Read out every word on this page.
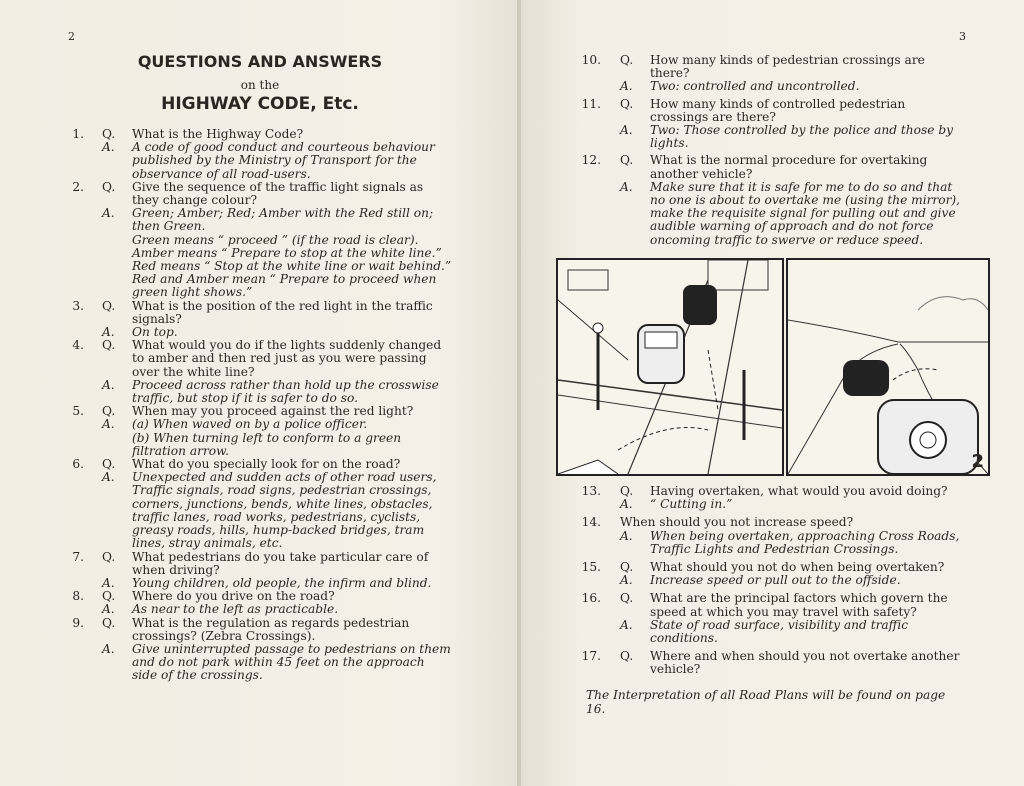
2
QUESTIONS AND ANSWERS
on the
HIGHWAY CODE, Etc.
1. Q. What is the Highway Code?
A. A code of good conduct and courteous behaviour published by the Ministry of Transport for the observance of all road-users.
2. Q. Give the sequence of the traffic light signals as they change colour?
A. Green; Amber; Red; Amber with the Red still on; then Green.
Green means “ proceed ” (if the road is clear).
Amber means “ Prepare to stop at the white line.”
Red means “ Stop at the white line or wait behind.”
Red and Amber mean “ Prepare to proceed when green light shows.”
3. Q. What is the position of the red light in the traffic signals?
A. On top.
4. Q. What would you do if the lights suddenly changed to amber and then red just as you were passing over the white line?
A. Proceed across rather than hold up the crosswise traffic, but stop if it is safer to do so.
5. Q. When may you proceed against the red light?
A. (a) When waved on by a police officer.
(b) When turning left to conform to a green filtration arrow.
6. Q. What do you specially look for on the road?
A. Unexpected and sudden acts of other road users, Traffic signals, road signs, pedestrian crossings, corners, junctions, bends, white lines, obstacles, traffic lanes, road works, pedestrians, cyclists, greasy roads, hills, hump-backed bridges, tram lines, stray animals, etc.
7. Q. What pedestrians do you take particular care of when driving?
A. Young children, old people, the infirm and blind.
8. Q. Where do you drive on the road?
A. As near to the left as practicable.
9. Q. What is the regulation as regards pedestrian crossings? (Zebra Crossings).
A. Give uninterrupted passage to pedestrians on them and do not park within 45 feet on the approach side of the crossings.
3
10. Q. How many kinds of pedestrian crossings are there?
A. Two: controlled and uncontrolled.
11. Q. How many kinds of controlled pedestrian crossings are there?
A. Two: Those controlled by the police and those by lights.
12. Q. What is the normal procedure for overtaking another vehicle?
A. Make sure that it is safe for me to do so and that no one is about to overtake me (using the mirror), make the requisite signal for pulling out and give audible warning of approach and do not force oncoming traffic to swerve or reduce speed.
2
13. Q. Having overtaken, what would you avoid doing?
A. “ Cutting in.”
14. When should you not increase speed?
A. When being overtaken, approaching Cross Roads, Traffic Lights and Pedestrian Crossings.
15. Q. What should you not do when being overtaken?
A. Increase speed or pull out to the offside.
16. Q. What are the principal factors which govern the speed at which you may travel with safety?
A. State of road surface, visibility and traffic conditions.
17. Q. Where and when should you not overtake another vehicle?
The Interpretation of all Road Plans will be found on page 16.
